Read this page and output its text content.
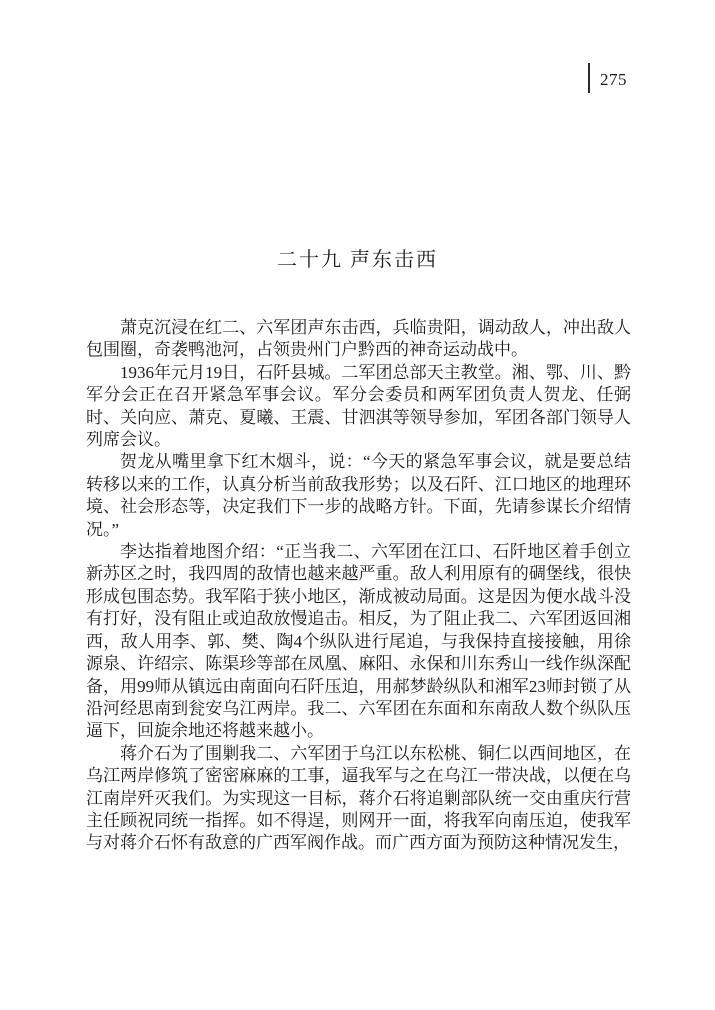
275
二十九 声东击西

萧克沉浸在红二、六军团声东击西，兵临贵阳，调动敌人，冲出敌人包围圈，奇袭鸭池河，占领贵州门户黔西的神奇运动战中。

1936年元月19日，石阡县城。二军团总部天主教堂。湘、鄂、川、黔军分会正在召开紧急军事会议。军分会委员和两军团负责人贺龙、任弼时、关向应、萧克、夏曦、王震、甘泗淇等领导参加，军团各部门领导人列席会议。

贺龙从嘴里拿下红木烟斗，说：“今天的紧急军事会议，就是要总结转移以来的工作，认真分析当前敌我形势；以及石阡、江口地区的地理环境、社会形态等，决定我们下一步的战略方针。下面，先请参谋长介绍情况。”

李达指着地图介绍：“正当我二、六军团在江口、石阡地区着手创立新苏区之时，我四周的敌情也越来越严重。敌人利用原有的碉堡线，很快形成包围态势。我军陷于狭小地区，渐成被动局面。这是因为便水战斗没有打好，没有阻止或迫敌放慢追击。相反，为了阻止我二、六军团返回湘西，敌人用李、郭、樊、陶4个纵队进行尾追，与我保持直接接触，用徐源泉、许绍宗、陈渠珍等部在凤凰、麻阳、永保和川东秀山一线作纵深配备，用99师从镇远由南面向石阡压迫，用郝梦龄纵队和湘军23师封锁了从沿河经思南到瓮安乌江两岸。我二、六军团在东面和东南敌人数个纵队压逼下，回旋余地还将越来越小。

蒋介石为了围剿我二、六军团于乌江以东松桃、铜仁以西间地区，在乌江两岸修筑了密密麻麻的工事，逼我军与之在乌江一带决战，以便在乌江南岸歼灭我们。为实现这一目标，蒋介石将追剿部队统一交由重庆行营主任顾祝同统一指挥。如不得逞，则网开一面，将我军向南压迫，使我军与对蒋介石怀有敌意的广西军阀作战。而广西方面为预防这种情况发生，
